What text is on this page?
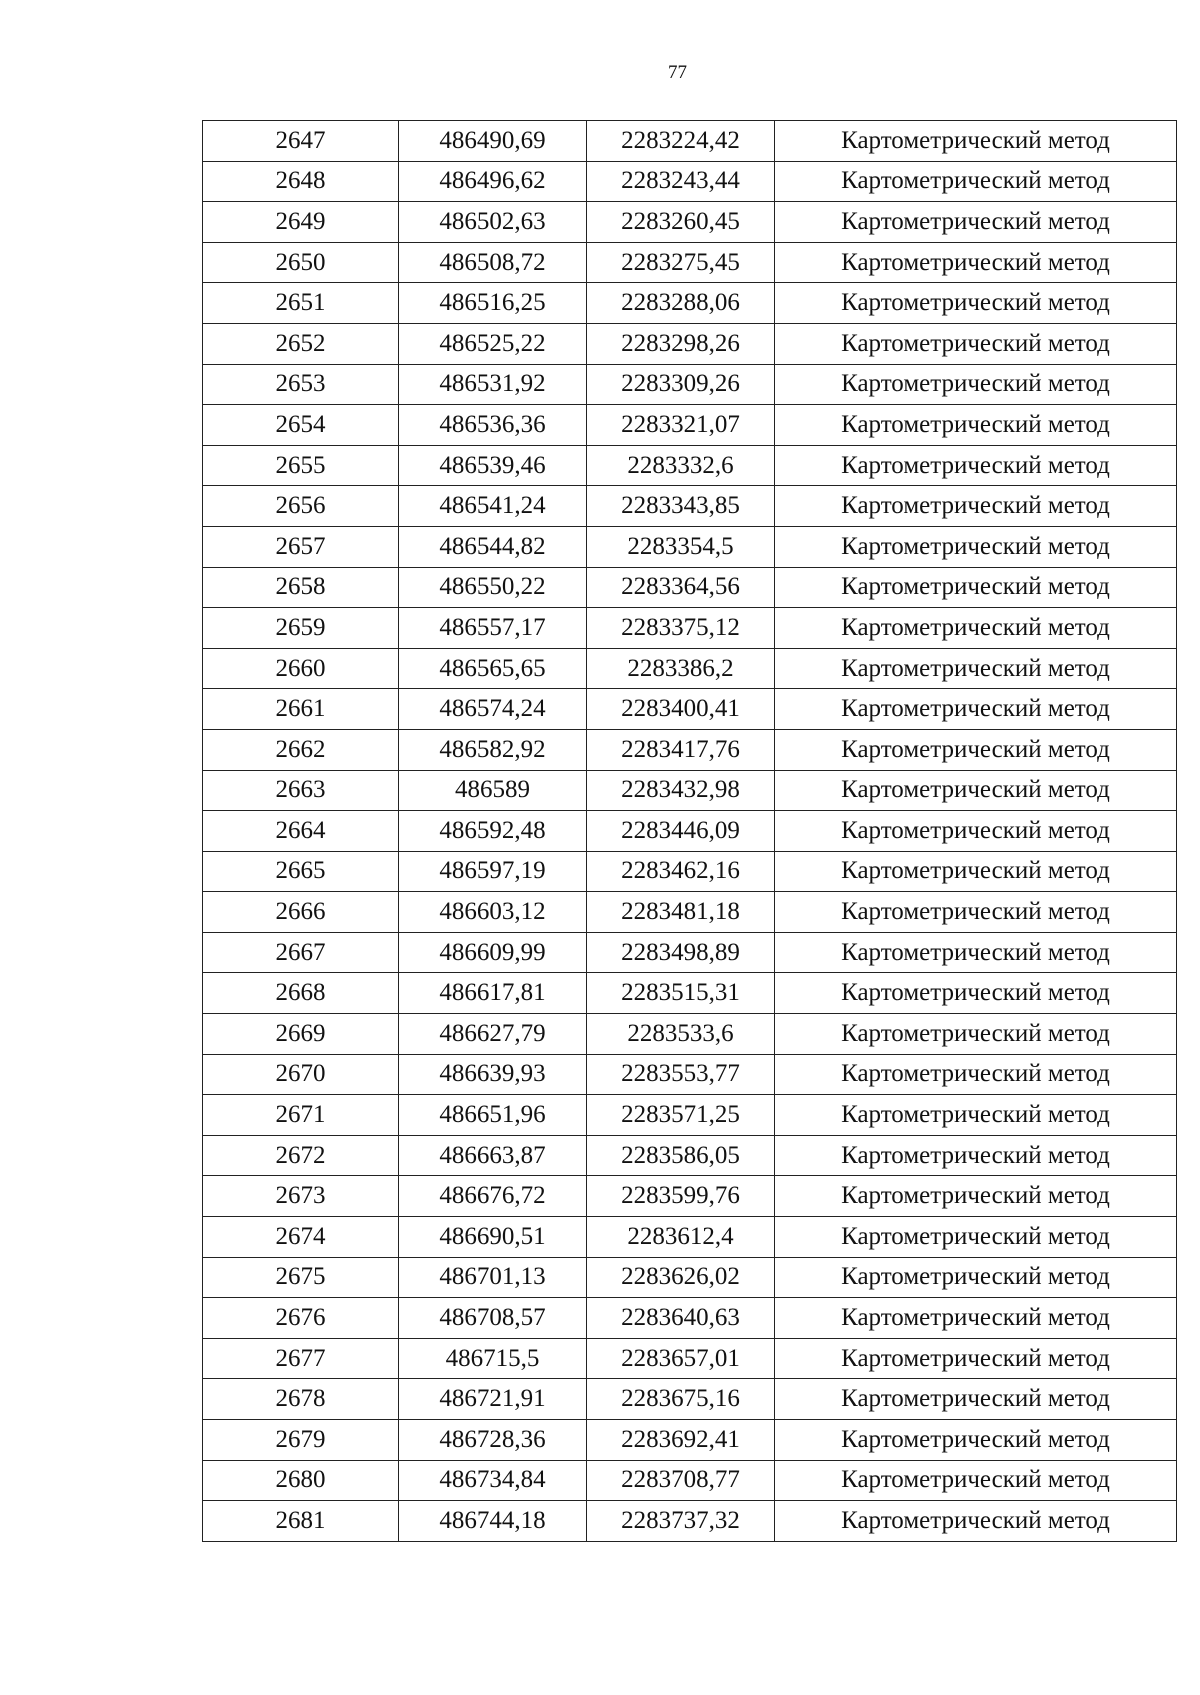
77
2647	486490,69	2283224,42	Картометрический метод
2648	486496,62	2283243,44	Картометрический метод
2649	486502,63	2283260,45	Картометрический метод
2650	486508,72	2283275,45	Картометрический метод
2651	486516,25	2283288,06	Картометрический метод
2652	486525,22	2283298,26	Картометрический метод
2653	486531,92	2283309,26	Картометрический метод
2654	486536,36	2283321,07	Картометрический метод
2655	486539,46	2283332,6	Картометрический метод
2656	486541,24	2283343,85	Картометрический метод
2657	486544,82	2283354,5	Картометрический метод
2658	486550,22	2283364,56	Картометрический метод
2659	486557,17	2283375,12	Картометрический метод
2660	486565,65	2283386,2	Картометрический метод
2661	486574,24	2283400,41	Картометрический метод
2662	486582,92	2283417,76	Картометрический метод
2663	486589	2283432,98	Картометрический метод
2664	486592,48	2283446,09	Картометрический метод
2665	486597,19	2283462,16	Картометрический метод
2666	486603,12	2283481,18	Картометрический метод
2667	486609,99	2283498,89	Картометрический метод
2668	486617,81	2283515,31	Картометрический метод
2669	486627,79	2283533,6	Картометрический метод
2670	486639,93	2283553,77	Картометрический метод
2671	486651,96	2283571,25	Картометрический метод
2672	486663,87	2283586,05	Картометрический метод
2673	486676,72	2283599,76	Картометрический метод
2674	486690,51	2283612,4	Картометрический метод
2675	486701,13	2283626,02	Картометрический метод
2676	486708,57	2283640,63	Картометрический метод
2677	486715,5	2283657,01	Картометрический метод
2678	486721,91	2283675,16	Картометрический метод
2679	486728,36	2283692,41	Картометрический метод
2680	486734,84	2283708,77	Картометрический метод
2681	486744,18	2283737,32	Картометрический метод
